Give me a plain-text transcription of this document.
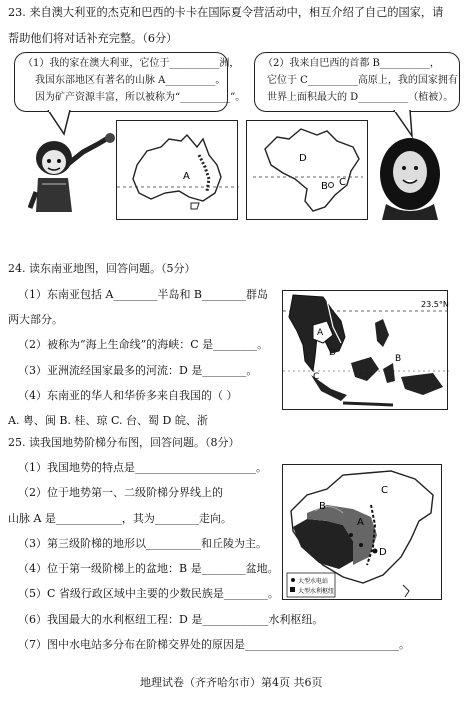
23. 来自澳大利亚的杰克和巴西的卡卡在国际夏令营活动中，相互介绍了自己的国家，请
帮助他们将对话补充完整。（6分）
（1）我的家在澳大利亚，它位于__________洲，
我国东部地区有著名的山脉 A__________。
因为矿产资源丰富，所以被称为“__________”。
（2）我来自巴西的首都 B__________，
它位于 C__________高原上，我的国家拥有
世界上面积最大的 D__________（植被）。
A
D
B C
24. 读东南亚地图，回答问题。（5分）
（1）东南亚包括 A________半岛和 B________群岛
两大部分。
（2）被称为“海上生命线”的海峡：C 是________。
（3）亚洲流经国家最多的河流：D 是________。
（4）东南亚的华人和华侨多来自我国的（ ）
A. 粤、闽 B. 桂、琼 C. 台、蜀 D 皖、浙
23.5°N
A
D
C
B
25. 读我国地势阶梯分布图，回答问题。（8分）
（1）我国地势的特点是______________________。
（2）位于地势第一、二级阶梯分界线上的
山脉 A 是____________，其为________走向。
（3）第三级阶梯的地形以__________和丘陵为主。
（4）位于第一级阶梯上的盆地：B 是________盆地。
（5）C 省级行政区域中主要的少数民族是________。
（6）我国最大的水利枢纽工程：D 是____________水利枢纽。
（7）图中水电站多分布在阶梯交界处的原因是____________________________。
B
C
A
D
大型水电站
大型水利枢纽
地理试卷（齐齐哈尔市）第4页 共6页
